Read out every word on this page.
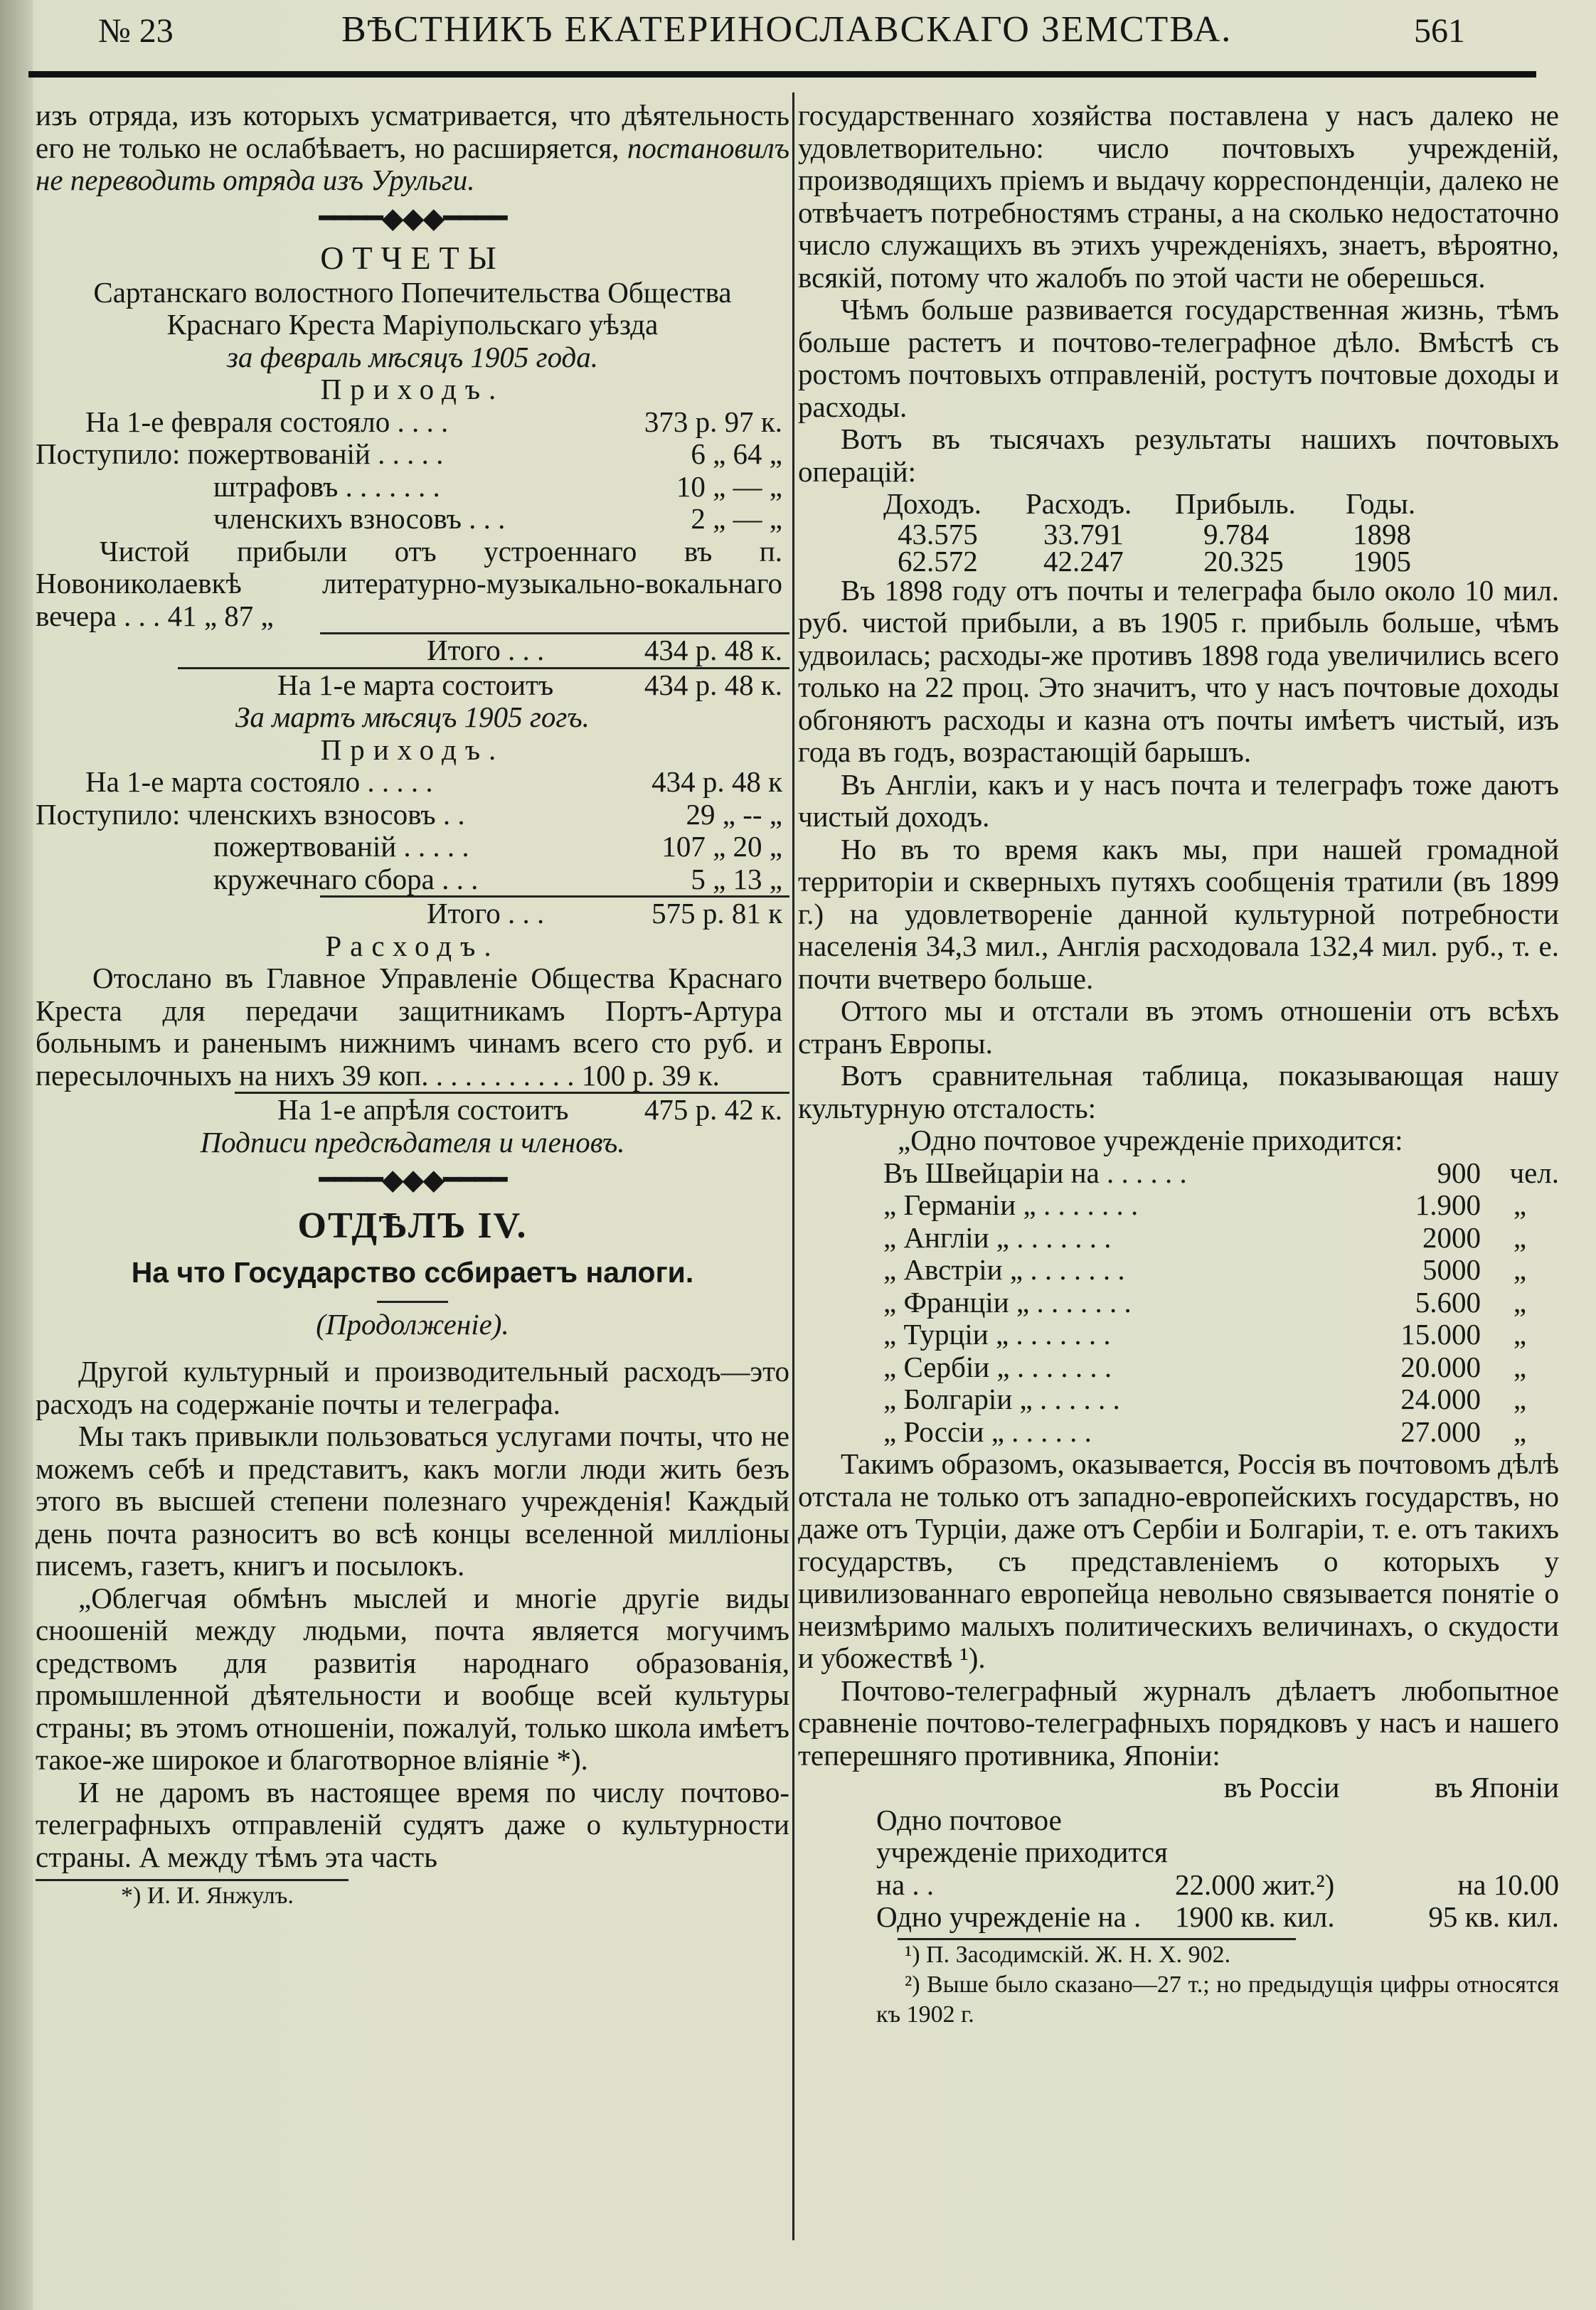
№ 23	ВѢСТНИКЪ ЕКАТЕРИНОСЛАВСКАГО ЗЕМСТВА.	561

изъ отряда, изъ которыхъ усматривается, что дѣятельность его не только не ослабѣваетъ, но расширяется, постановилъ не переводить отряда изъ Урульги.

━━━━◆◆◆━━━━

ОТЧЕТЫ

Сартанскаго волостного Попечительства Общества Краснаго Креста Маріупольскаго уѣзда

за февраль мѣсяцъ 1905 года.

Приходъ.

На 1-е февраля состояло . . . .	373 р. 97 к.
Поступило: пожертвованій . . . . .	6 „ 64 „
штрафовъ . . . . . . .	10 „ — „
членскихъ взносовъ . . .	2 „ — „

Чистой прибыли отъ устроеннаго въ п. Новониколаевкѣ литературно-музыкально-вокальнаго вечера . . . 41 „ 87 „

Итого . . .	434 р. 48 к.
На 1-е марта состоитъ	434 р. 48 к.

За мартъ мѣсяцъ 1905 гогъ.

Приходъ.

На 1-е марта состояло . . . . .	434 р. 48 к
Поступило: членскихъ взносовъ . .	29 „ -- „
пожертвованій . . . . .	107 „ 20 „
кружечнаго сбора . . .	5 „ 13 „
Итого . . .	575 р. 81 к

Расходъ.

Отослано въ Главное Управленіе Общества Краснаго Креста для передачи защитникамъ Портъ-Артура больнымъ и раненымъ нижнимъ чинамъ всего сто руб. и пересылочныхъ на нихъ 39 коп. . . . . . . . . . . 100 р. 39 к.

На 1-е апрѣля состоитъ	475 р. 42 к.

Подписи предсѣдателя и членовъ.

━━━━◆◆◆━━━━

ОТДѢЛЪ IV.

На что Государство ссбираетъ налоги.

(Продолженіе).

Другой культурный и производительный расходъ—это расходъ на содержаніе почты и телеграфа.

Мы такъ привыкли пользоваться услугами почты, что не можемъ себѣ и представитъ, какъ могли люди жить безъ этого въ высшей степени полезнаго учрежденія! Каждый день почта разноситъ во всѣ концы вселенной милліоны писемъ, газетъ, книгъ и посылокъ.

„Облегчая обмѣнъ мыслей и многіе другіе виды сноошеній между людьми, почта является могучимъ средствомъ для развитія народнаго образованія, промышленной дѣятельности и вообще всей культуры страны; въ этомъ отношеніи, пожалуй, только школа имѣетъ такое-же широкое и благотворное вліяніе *).

И не даромъ въ настоящее время по числу почтово-телеграфныхъ отправленій судятъ даже о культурности страны. А между тѣмъ эта часть

*) И. И. Янжулъ.

государственнаго хозяйства поставлена у насъ далеко не удовлетворительно: число почтовыхъ учрежденій, производящихъ пріемъ и выдачу корреспонденціи, далеко не отвѣчаетъ потребностямъ страны, а на сколько недостаточно число служащихъ въ этихъ учрежденіяхъ, знаетъ, вѣроятно, всякій, потому что жалобъ по этой части не оберешься.

Чѣмъ больше развивается государственная жизнь, тѣмъ больше растетъ и почтово-телеграфное дѣло. Вмѣстѣ съ ростомъ почтовыхъ отправленій, ростутъ почтовые доходы и расходы.

Вотъ въ тысячахъ результаты нашихъ почтовыхъ операцій:

Доходъ. Расходъ. Прибыль. Годы.
43.575 33.791	9.784	1898
62.572 42.247	20.325 1905

Въ 1898 году отъ почты и телеграфа было около 10 мил. руб. чистой прибыли, а въ 1905 г. прибыль больше, чѣмъ удвоилась; расходы-же противъ 1898 года увеличились всего только на 22 проц. Это значитъ, что у насъ почтовые доходы обгоняютъ расходы и казна отъ почты имѣетъ чистый, изъ года въ годъ, возрастающій барышъ.

Въ Англіи, какъ и у насъ почта и телеграфъ тоже даютъ чистый доходъ.

Но въ то время какъ мы, при нашей громадной территоріи и скверныхъ путяхъ сообщенія тратили (въ 1899 г.) на удовлетвореніе данной культурной потребности населенія 34,3 мил., Англія расходовала 132,4 мил. руб., т. е. почти вчетверо больше.

Оттого мы и отстали въ этомъ отношеніи отъ всѣхъ странъ Европы.

Вотъ сравнительная таблица, показывающая нашу культурную отсталость:

„Одно почтовое учрежденіе приходится:

Въ Швейцаріи на . . . . . .	900 чел.
„ Германіи „ . . . . . . .	1.900	„
„ Англіи „ . . . . . . .	2000	„
„ Австріи „ . . . . . . .	5000	„
„ Франціи „ . . . . . . .	5.600	„
„ Турціи „ . . . . . . .	15.000	„
„ Сербіи „ . . . . . . .	20.000	„
„ Болгаріи „ . . . . . .	24.000	„
„ Россіи „ . . . . . .	27.000	„

Такимъ образомъ, оказывается, Россія въ почтовомъ дѣлѣ отстала не только отъ западно-европейскихъ государствъ, но даже отъ Турціи, даже отъ Сербіи и Болгаріи, т. е. отъ такихъ государствъ, съ представленіемъ о которыхъ у цивилизованнаго европейца невольно связывается понятіе о неизмѣримо малыхъ политическихъ величинахъ, о скудости и убожествѣ ¹).

Почтово-телеграфный журналъ дѣлаетъ любопытное сравненіе почтово-телеграфныхъ порядковъ у насъ и нашего теперешняго противника, Японіи:

въ Россіи	въ Японіи
Одно почтовое учрежденіе приходится на . .	22.000 жит.²)	на 10.00
Одно учрежденіе на .	1900 кв. кил.	95 кв. кил.

¹) П. Засодимскій. Ж. Н. Х. 902.

²) Выше было сказано—27 т.; но предыдущія цифры относятся къ 1902 г.
